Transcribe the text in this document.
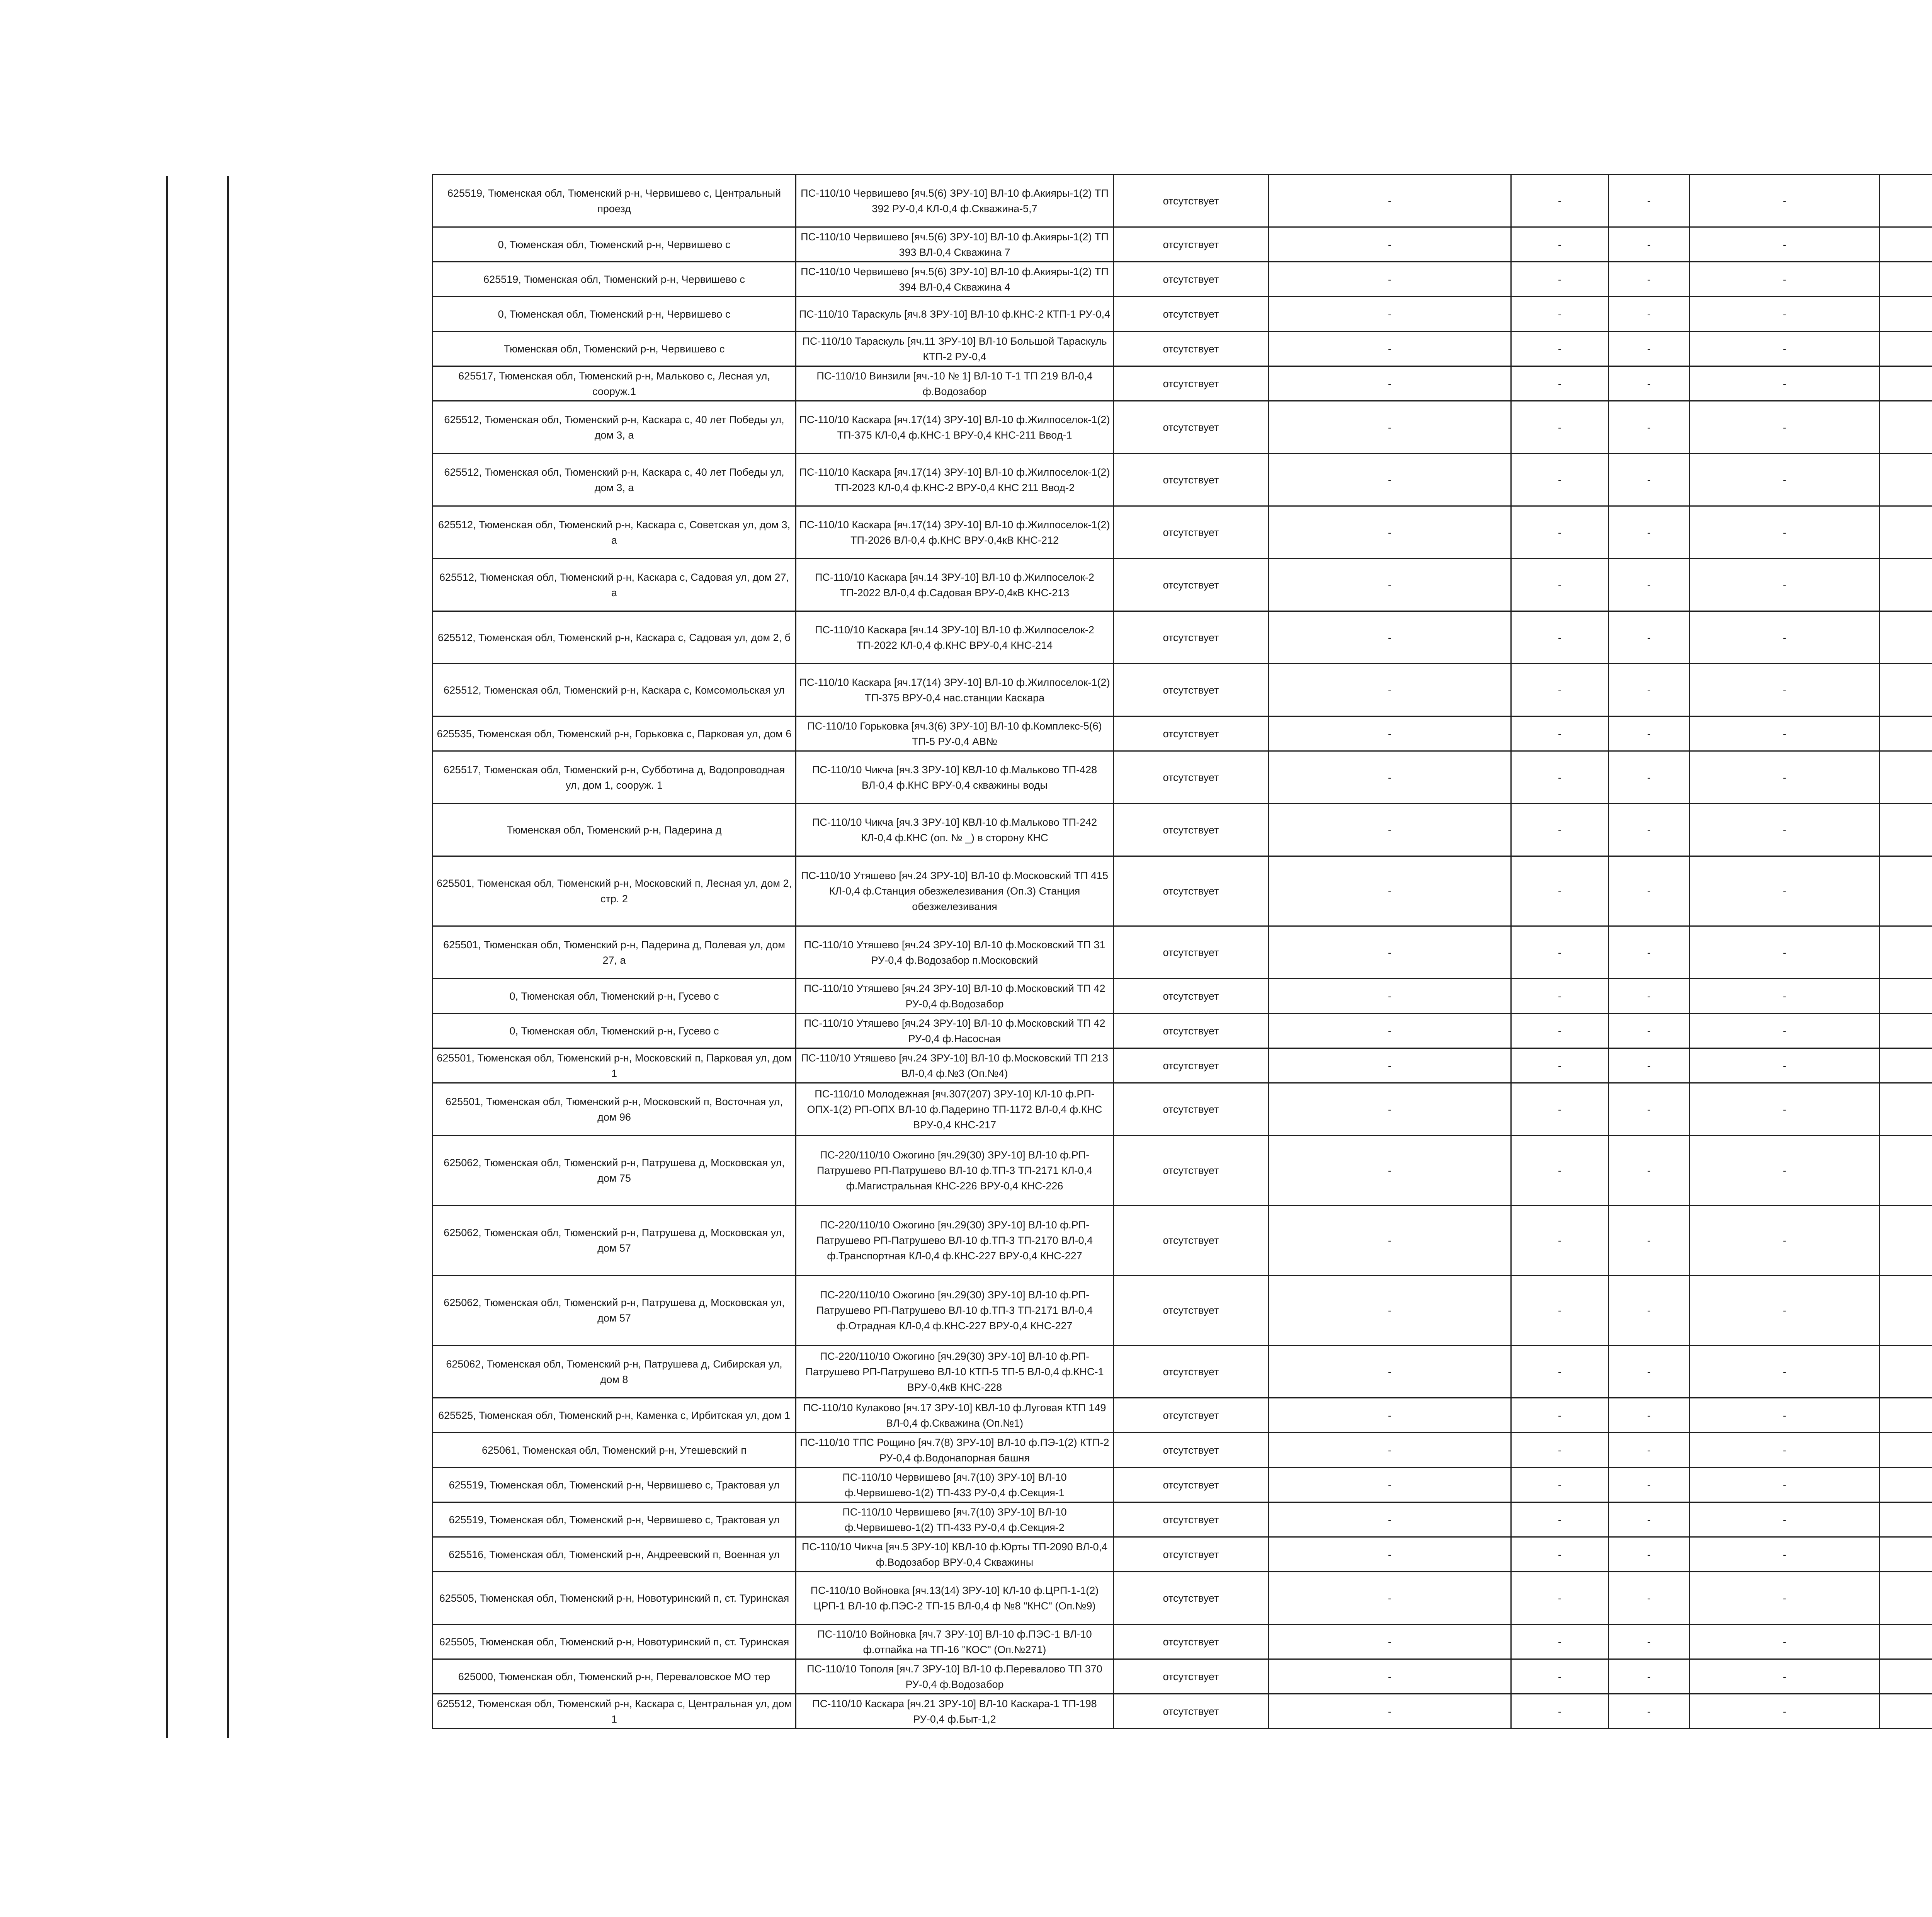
625519, Тюменская обл, Тюменский р-н, Червишево с, Центральный проезд	ПС-110/10 Червишево [яч.5(6) ЗРУ-10] ВЛ-10 ф.Акияры-1(2) ТП 392 РУ-0,4 КЛ-0,4 ф.Скважина-5,7	отсутствует	-	-	-	-		
0, Тюменская обл, Тюменский р-н, Червишево с	ПС-110/10 Червишево [яч.5(6) ЗРУ-10] ВЛ-10 ф.Акияры-1(2) ТП 393 ВЛ-0,4 Скважина 7	отсутствует	-	-	-	-		
625519, Тюменская обл, Тюменский р-н, Червишево с	ПС-110/10 Червишево [яч.5(6) ЗРУ-10] ВЛ-10 ф.Акияры-1(2) ТП 394 ВЛ-0,4 Скважина 4	отсутствует	-	-	-	-		
0, Тюменская обл, Тюменский р-н, Червишево с	ПС-110/10 Тараскуль [яч.8 ЗРУ-10] ВЛ-10 ф.КНС-2 КТП-1 РУ-0,4	отсутствует	-	-	-	-		
Тюменская обл, Тюменский р-н, Червишево с	ПС-110/10 Тараскуль [яч.11 ЗРУ-10] ВЛ-10 Большой Тараскуль КТП-2 РУ-0,4	отсутствует	-	-	-	-		
625517, Тюменская обл, Тюменский р-н, Мальково с, Лесная ул, сооруж.1	ПС-110/10 Винзили [яч.-10 № 1] ВЛ-10 Т-1 ТП 219 ВЛ-0,4 ф.Водозабор	отсутствует	-	-	-	-		
625512, Тюменская обл, Тюменский р-н, Каскара с, 40 лет Победы ул, дом 3, а	ПС-110/10 Каскара [яч.17(14) ЗРУ-10] ВЛ-10 ф.Жилпоселок-1(2) ТП-375 КЛ-0,4 ф.КНС-1 ВРУ-0,4 КНС-211 Ввод-1	отсутствует	-	-	-	-		
625512, Тюменская обл, Тюменский р-н, Каскара с, 40 лет Победы ул, дом 3, а	ПС-110/10 Каскара [яч.17(14) ЗРУ-10] ВЛ-10 ф.Жилпоселок-1(2) ТП-2023 КЛ-0,4 ф.КНС-2 ВРУ-0,4 КНС 211 Ввод-2	отсутствует	-	-	-	-		
625512, Тюменская обл, Тюменский р-н, Каскара с, Советская ул, дом 3, а	ПС-110/10 Каскара [яч.17(14) ЗРУ-10] ВЛ-10 ф.Жилпоселок-1(2) ТП-2026 ВЛ-0,4 ф.КНС ВРУ-0,4кВ КНС-212	отсутствует	-	-	-	-		
625512, Тюменская обл, Тюменский р-н, Каскара с, Садовая ул, дом 27, а	ПС-110/10 Каскара [яч.14 ЗРУ-10] ВЛ-10 ф.Жилпоселок-2 ТП-2022 ВЛ-0,4 ф.Садовая ВРУ-0,4кВ КНС-213	отсутствует	-	-	-	-		
625512, Тюменская обл, Тюменский р-н, Каскара с, Садовая ул, дом 2, б	ПС-110/10 Каскара [яч.14 ЗРУ-10] ВЛ-10 ф.Жилпоселок-2 ТП-2022 КЛ-0,4 ф.КНС ВРУ-0,4 КНС-214	отсутствует	-	-	-	-		
625512, Тюменская обл, Тюменский р-н, Каскара с, Комсомольская ул	ПС-110/10 Каскара [яч.17(14) ЗРУ-10] ВЛ-10 ф.Жилпоселок-1(2) ТП-375 ВРУ-0,4 нас.станции Каскара	отсутствует	-	-	-	-		
625535, Тюменская обл, Тюменский р-н, Горьковка с, Парковая ул, дом 6	ПС-110/10 Горьковка [яч.3(6) ЗРУ-10] ВЛ-10 ф.Комплекс-5(6) ТП-5 РУ-0,4 АВ№	отсутствует	-	-	-	-		
625517, Тюменская обл, Тюменский р-н, Субботина д, Водопроводная ул, дом 1, сооруж. 1	ПС-110/10 Чикча [яч.3 ЗРУ-10] КВЛ-10 ф.Мальково ТП-428 ВЛ-0,4 ф.КНС ВРУ-0,4 скважины воды	отсутствует	-	-	-	-		
Тюменская обл, Тюменский р-н, Падерина д	ПС-110/10 Чикча [яч.3 ЗРУ-10] КВЛ-10 ф.Мальково ТП-242 КЛ-0,4 ф.КНС (оп. № _) в сторону КНС	отсутствует	-	-	-	-		
625501, Тюменская обл, Тюменский р-н, Московский п, Лесная ул, дом 2, стр. 2	ПС-110/10 Утяшево [яч.24 ЗРУ-10] ВЛ-10 ф.Московский ТП 415 КЛ-0,4 ф.Станция обезжелезивания (Оп.3) Станция обезжелезивания	отсутствует	-	-	-	-		
625501, Тюменская обл, Тюменский р-н, Падерина д, Полевая ул, дом 27, а	ПС-110/10 Утяшево [яч.24 ЗРУ-10] ВЛ-10 ф.Московский ТП 31 РУ-0,4 ф.Водозабор п.Московский	отсутствует	-	-	-	-		
0, Тюменская обл, Тюменский р-н, Гусево с	ПС-110/10 Утяшево [яч.24 ЗРУ-10] ВЛ-10 ф.Московский ТП 42 РУ-0,4 ф.Водозабор	отсутствует	-	-	-	-		
0, Тюменская обл, Тюменский р-н, Гусево с	ПС-110/10 Утяшево [яч.24 ЗРУ-10] ВЛ-10 ф.Московский ТП 42 РУ-0,4 ф.Насосная	отсутствует	-	-	-	-		
625501, Тюменская обл, Тюменский р-н, Московский п, Парковая ул, дом 1	ПС-110/10 Утяшево [яч.24 ЗРУ-10] ВЛ-10 ф.Московский ТП 213 ВЛ-0,4 ф.№3 (Оп.№4)	отсутствует	-	-	-	-		
625501, Тюменская обл, Тюменский р-н, Московский п, Восточная ул, дом 96	ПС-110/10 Молодежная [яч.307(207) ЗРУ-10] КЛ-10 ф.РП-ОПХ-1(2) РП-ОПХ ВЛ-10 ф.Падерино ТП-1172 ВЛ-0,4 ф.КНС ВРУ-0,4 КНС-217	отсутствует	-	-	-	-		
625062, Тюменская обл, Тюменский р-н, Патрушева д, Московская ул, дом 75	ПС-220/110/10 Ожогино [яч.29(30) ЗРУ-10] ВЛ-10 ф.РП-Патрушево РП-Патрушево ВЛ-10 ф.ТП-3 ТП-2171 КЛ-0,4 ф.Магистральная КНС-226 ВРУ-0,4 КНС-226	отсутствует	-	-	-	-		
625062, Тюменская обл, Тюменский р-н, Патрушева д, Московская ул, дом 57	ПС-220/110/10 Ожогино [яч.29(30) ЗРУ-10] ВЛ-10 ф.РП-Патрушево РП-Патрушево ВЛ-10 ф.ТП-3 ТП-2170 ВЛ-0,4 ф.Транспортная КЛ-0,4 ф.КНС-227 ВРУ-0,4 КНС-227	отсутствует	-	-	-	-		
625062, Тюменская обл, Тюменский р-н, Патрушева д, Московская ул, дом 57	ПС-220/110/10 Ожогино [яч.29(30) ЗРУ-10] ВЛ-10 ф.РП-Патрушево РП-Патрушево ВЛ-10 ф.ТП-3 ТП-2171 ВЛ-0,4 ф.Отрадная КЛ-0,4 ф.КНС-227 ВРУ-0,4 КНС-227	отсутствует	-	-	-	-		
625062, Тюменская обл, Тюменский р-н, Патрушева д, Сибирская ул, дом 8	ПС-220/110/10 Ожогино [яч.29(30) ЗРУ-10] ВЛ-10 ф.РП-Патрушево РП-Патрушево ВЛ-10 КТП-5 ТП-5 ВЛ-0,4 ф.КНС-1 ВРУ-0,4кВ КНС-228	отсутствует	-	-	-	-		
625525, Тюменская обл, Тюменский р-н, Каменка с, Ирбитская ул, дом 1	ПС-110/10 Кулаково [яч.17 ЗРУ-10] КВЛ-10 ф.Луговая КТП 149 ВЛ-0,4 ф.Скважина (Оп.№1)	отсутствует	-	-	-	-		
625061, Тюменская обл, Тюменский р-н, Утешевский п	ПС-110/10 ТПС Рощино [яч.7(8) ЗРУ-10] ВЛ-10 ф.ПЭ-1(2) КТП-2 РУ-0,4 ф.Водонапорная башня	отсутствует	-	-	-	-		
625519, Тюменская обл, Тюменский р-н, Червишево с, Трактовая ул	ПС-110/10 Червишево [яч.7(10) ЗРУ-10] ВЛ-10 ф.Червишево-1(2) ТП-433 РУ-0,4 ф.Секция-1	отсутствует	-	-	-	-		
625519, Тюменская обл, Тюменский р-н, Червишево с, Трактовая ул	ПС-110/10 Червишево [яч.7(10) ЗРУ-10] ВЛ-10 ф.Червишево-1(2) ТП-433 РУ-0,4 ф.Секция-2	отсутствует	-	-	-	-		
625516, Тюменская обл, Тюменский р-н, Андреевский п, Военная ул	ПС-110/10 Чикча [яч.5 ЗРУ-10] КВЛ-10 ф.Юрты ТП-2090 ВЛ-0,4 ф.Водозабор ВРУ-0,4 Скважины	отсутствует	-	-	-	-		
625505, Тюменская обл, Тюменский р-н, Новотуринский п, ст. Туринская	ПС-110/10 Войновка [яч.13(14) ЗРУ-10] КЛ-10 ф.ЦРП-1-1(2) ЦРП-1 ВЛ-10 ф.ПЭС-2 ТП-15 ВЛ-0,4 ф №8 "КНС" (Оп.№9)	отсутствует	-	-	-	-		
625505, Тюменская обл, Тюменский р-н, Новотуринский п, ст. Туринская	ПС-110/10 Войновка [яч.7 ЗРУ-10] ВЛ-10 ф.ПЭС-1 ВЛ-10 ф.отпайка на ТП-16 "КОС" (Оп.№271)	отсутствует	-	-	-	-		
625000, Тюменская обл, Тюменский р-н, Переваловское МО тер	ПС-110/10 Тополя [яч.7 ЗРУ-10] ВЛ-10 ф.Перевалово ТП 370 РУ-0,4 ф.Водозабор	отсутствует	-	-	-	-		
625512, Тюменская обл, Тюменский р-н, Каскара с, Центральная ул, дом 1	ПС-110/10 Каскара [яч.21 ЗРУ-10] ВЛ-10 Каскара-1 ТП-198 РУ-0,4 ф.Быт-1,2	отсутствует	-	-	-	-		
